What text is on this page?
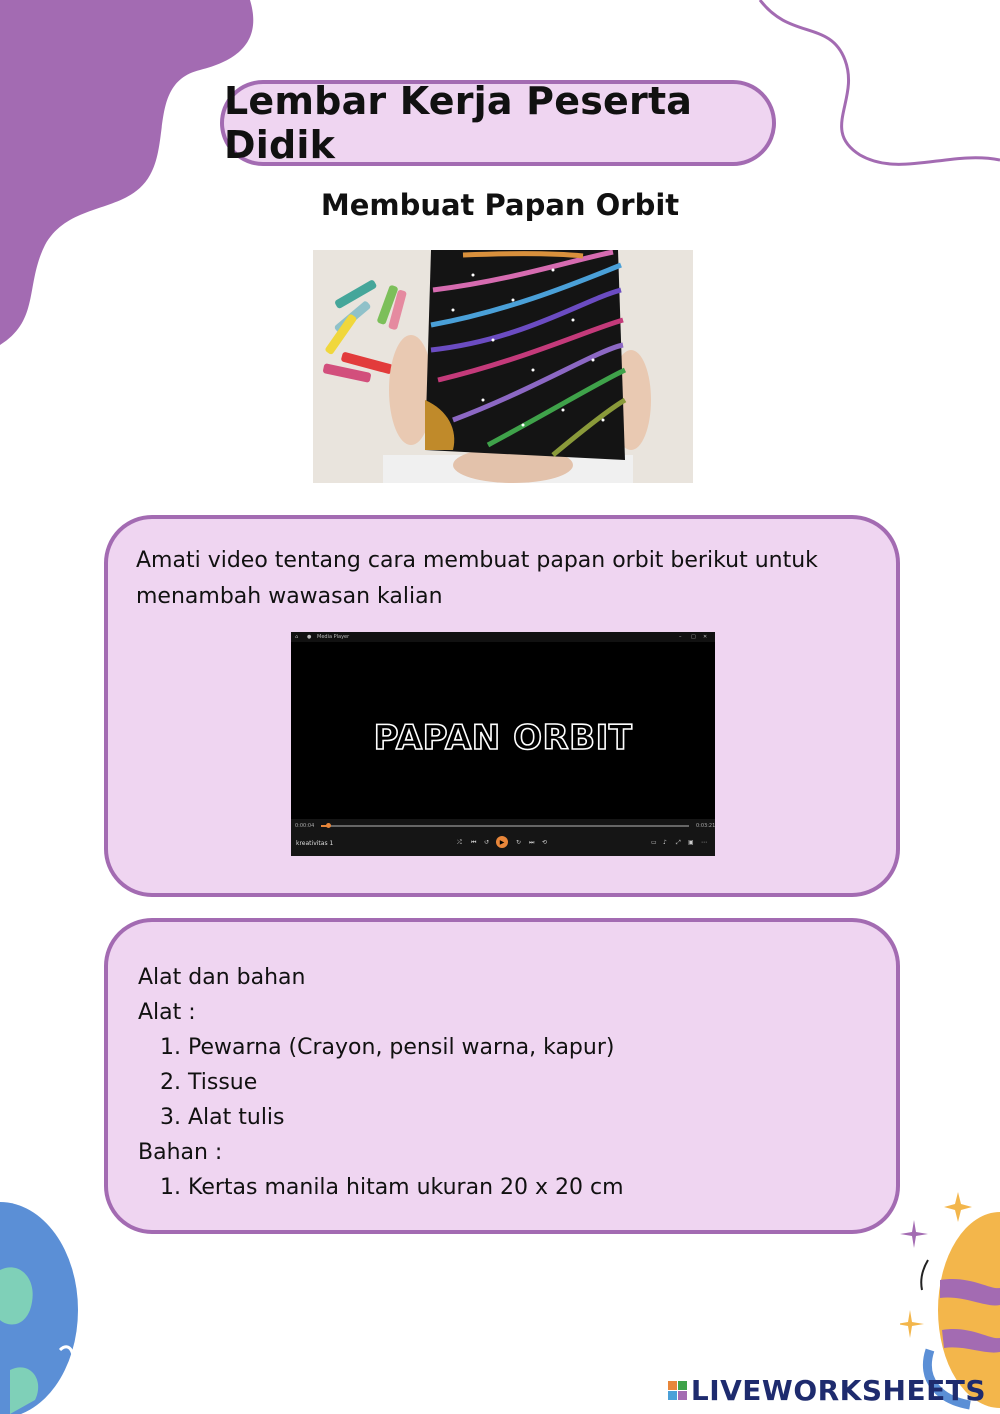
Lembar Kerja Peserta Didik
Membuat Papan Orbit
Amati video tentang cara membuat papan orbit berikut untuk menambah wawasan kalian
⌂ ● Media Player	– □ ✕
PAPAN ORBIT
0:00:04	0:03:21
kreativitas 1	⤮ ⏮ ↺ ▶ ↻ ⏭ ⟲	▭ ♪ ⤢ ▣ ⋯
Alat dan bahan
Alat :
1. Pewarna (Crayon, pensil warna, kapur)
2. Tissue
3. Alat tulis
Bahan :
1. Kertas manila hitam ukuran 20 x 20 cm
LIVEWORKSHEETS
